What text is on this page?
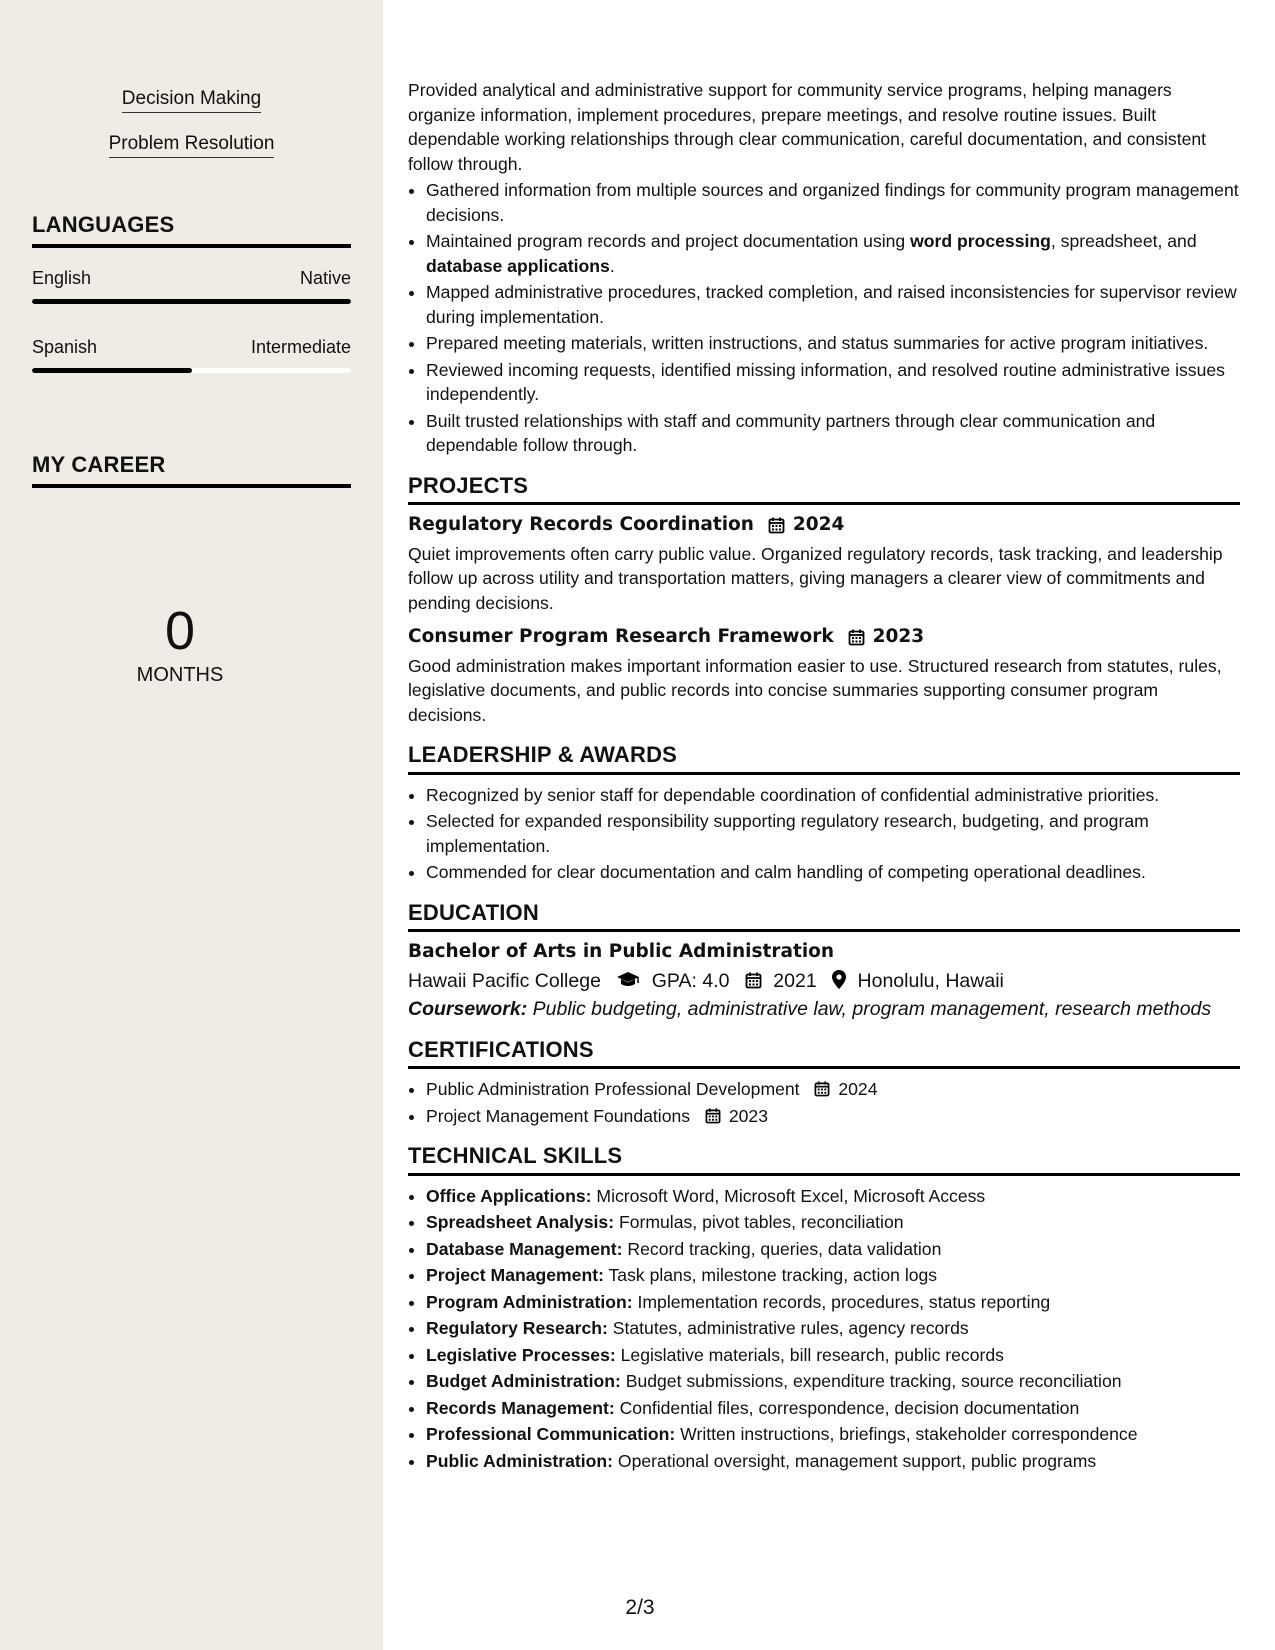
Decision Making
Problem Resolution
LANGUAGES
English	Native
Spanish	Intermediate
MY CAREER
0
MONTHS

Provided analytical and administrative support for community service programs, helping managers organize information, implement procedures, prepare meetings, and resolve routine issues. Built dependable working relationships through clear communication, careful documentation, and consistent follow through.

• Gathered information from multiple sources and organized findings for community program management decisions.
• Maintained program records and project documentation using word processing, spreadsheet, and database applications.
• Mapped administrative procedures, tracked completion, and raised inconsistencies for supervisor review during implementation.
• Prepared meeting materials, written instructions, and status summaries for active program initiatives.
• Reviewed incoming requests, identified missing information, and resolved routine administrative issues independently.
• Built trusted relationships with staff and community partners through clear communication and dependable follow through.
PROJECTS
Regulatory Records Coordination 2024

Quiet improvements often carry public value. Organized regulatory records, task tracking, and leadership follow up across utility and transportation matters, giving managers a clearer view of commitments and pending decisions.

Consumer Program Research Framework 2023

Good administration makes important information easier to use. Structured research from statutes, rules, legislative documents, and public records into concise summaries supporting consumer program decisions.

LEADERSHIP & AWARDS
• Recognized by senior staff for dependable coordination of confidential administrative priorities.
• Selected for expanded responsibility supporting regulatory research, budgeting, and program implementation.
• Commended for clear documentation and calm handling of competing operational deadlines.
EDUCATION
Bachelor of Arts in Public Administration
Hawaii Pacific College	GPA: 4.0 2021 Honolulu, Hawaii
Coursework: Public budgeting, administrative law, program management, research methods
CERTIFICATIONS
• Public Administration Professional Development 2024
• Project Management Foundations 2023
TECHNICAL SKILLS
• Office Applications: Microsoft Word, Microsoft Excel, Microsoft Access
• Spreadsheet Analysis: Formulas, pivot tables, reconciliation
• Database Management: Record tracking, queries, data validation
• Project Management: Task plans, milestone tracking, action logs
• Program Administration: Implementation records, procedures, status reporting
• Regulatory Research: Statutes, administrative rules, agency records
• Legislative Processes: Legislative materials, bill research, public records
• Budget Administration: Budget submissions, expenditure tracking, source reconciliation
• Records Management: Confidential files, correspondence, decision documentation
• Professional Communication: Written instructions, briefings, stakeholder correspondence
• Public Administration: Operational oversight, management support, public programs
2/3
